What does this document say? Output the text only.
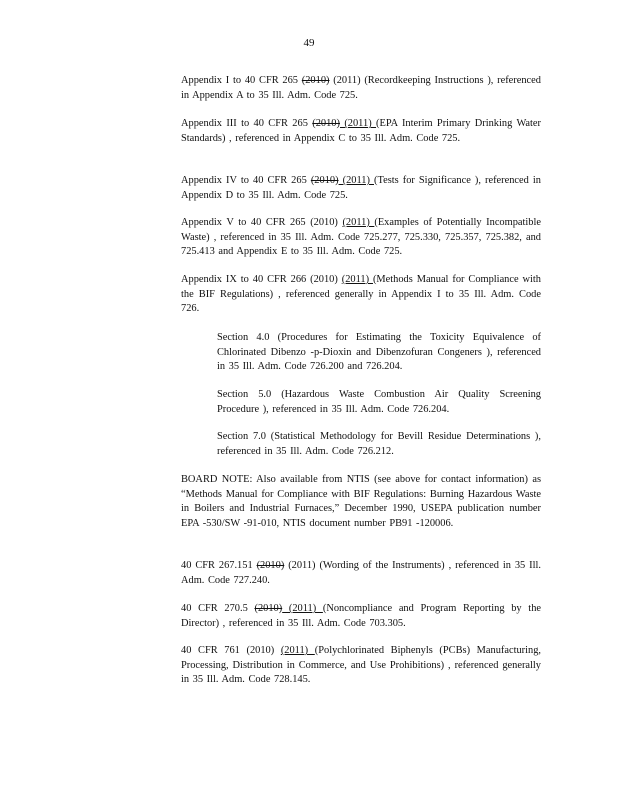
49
Appendix I to 40 CFR 265 (2010) (2011) (Recordkeeping Instructions ), referenced in Appendix A to 35 Ill. Adm. Code 725.
Appendix III to 40 CFR 265 (2010) (2011) (EPA Interim Primary Drinking Water Standards) , referenced in Appendix C to 35 Ill. Adm. Code 725.
Appendix IV to 40 CFR 265 (2010) (2011) (Tests for Significance ), referenced in Appendix D to 35 Ill. Adm. Code 725.
Appendix V to 40 CFR 265 (2010) (2011) (Examples of Potentially Incompatible Waste) , referenced in 35 Ill. Adm. Code 725.277, 725.330, 725.357, 725.382, and 725.413 and Appendix E to 35 Ill. Adm. Code 725.
Appendix IX to 40 CFR 266 (2010) (2011) (Methods Manual for Compliance with the BIF Regulations) , referenced generally in Appendix I to 35 Ill. Adm. Code 726.
Section 4.0 (Procedures for Estimating the Toxicity Equivalence of Chlorinated Dibenzo -p-Dioxin and Dibenzofuran Congeners ), referenced in 35 Ill. Adm. Code 726.200 and 726.204.
Section 5.0 (Hazardous Waste Combustion Air Quality Screening Procedure ), referenced in 35 Ill. Adm. Code 726.204.
Section 7.0 (Statistical Methodology for Bevill Residue Determinations ), referenced in 35 Ill. Adm. Code 726.212.
BOARD NOTE: Also available from NTIS (see above for contact information) as “Methods Manual for Compliance with BIF Regulations: Burning Hazardous Waste in Boilers and Industrial Furnaces,” December 1990, USEPA publication number EPA -530/SW -91-010, NTIS document number PB91 -120006.
40 CFR 267.151 (2010) (2011) (Wording of the Instruments) , referenced in 35 Ill. Adm. Code 727.240.
40 CFR 270.5 (2010) (2011) (Noncompliance and Program Reporting by the Director) , referenced in 35 Ill. Adm. Code 703.305.
40 CFR 761 (2010) (2011) (Polychlorinated Biphenyls (PCBs) Manufacturing, Processing, Distribution in Commerce, and Use Prohibitions) , referenced generally in 35 Ill. Adm. Code 728.145.
